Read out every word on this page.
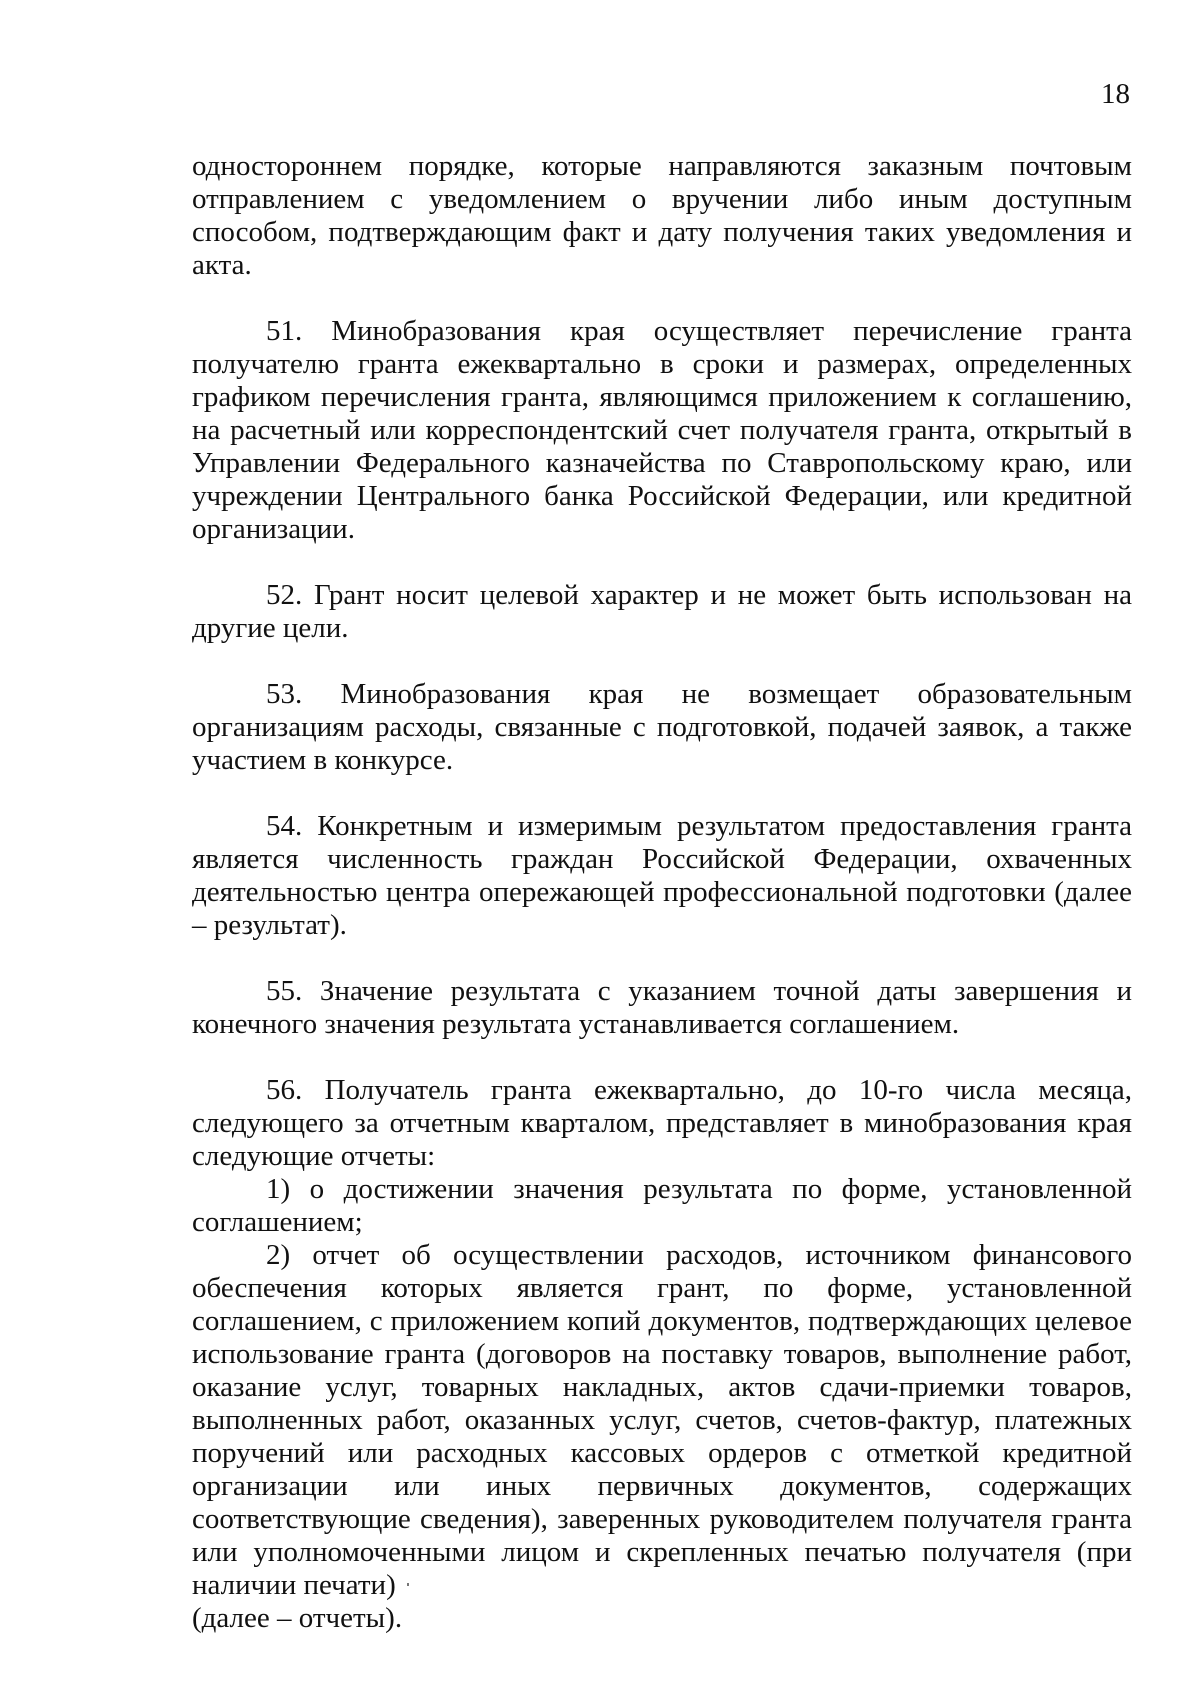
18

одностороннем порядке, которые направляются заказным почтовым отправлением с уведомлением о вручении либо иным доступным способом, подтверждающим факт и дату получения таких уведомления и акта.

51. Минобразования края осуществляет перечисление гранта получателю гранта ежеквартально в сроки и размерах, определенных графиком перечисления гранта, являющимся приложением к соглашению, на расчетный или корреспондентский счет получателя гранта, открытый в Управлении Федерального казначейства по Ставропольскому краю, или учреждении Центрального банка Российской Федерации, или кредитной организации.

52. Грант носит целевой характер и не может быть использован на другие цели.

53. Минобразования края не возмещает образовательным организациям расходы, связанные с подготовкой, подачей заявок, а также участием в конкурсе.

54. Конкретным и измеримым результатом предоставления гранта является численность граждан Российской Федерации, охваченных деятельностью центра опережающей профессиональной подготовки (далее – результат).

55. Значение результата с указанием точной даты завершения и конечного значения результата устанавливается соглашением.

56. Получатель гранта ежеквартально, до 10-го числа месяца, следующего за отчетным кварталом, представляет в минобразования края следующие отчеты:

1) о достижении значения результата по форме, установленной соглашением;

2) отчет об осуществлении расходов, источником финансового обеспечения которых является грант, по форме, установленной соглашением, с приложением копий документов, подтверждающих целевое использование гранта (договоров на поставку товаров, выполнение работ, оказание услуг, товарных накладных, актов сдачи-приемки товаров, выполненных работ, оказанных услуг, счетов, счетов-фактур, платежных поручений или расходных кассовых ордеров с отметкой кредитной организации или иных первичных документов, содержащих соответствующие сведения), заверенных руководителем получателя гранта или уполномоченными лицом и скрепленных печатью получателя (при наличии печати)

(далее – отчеты).
